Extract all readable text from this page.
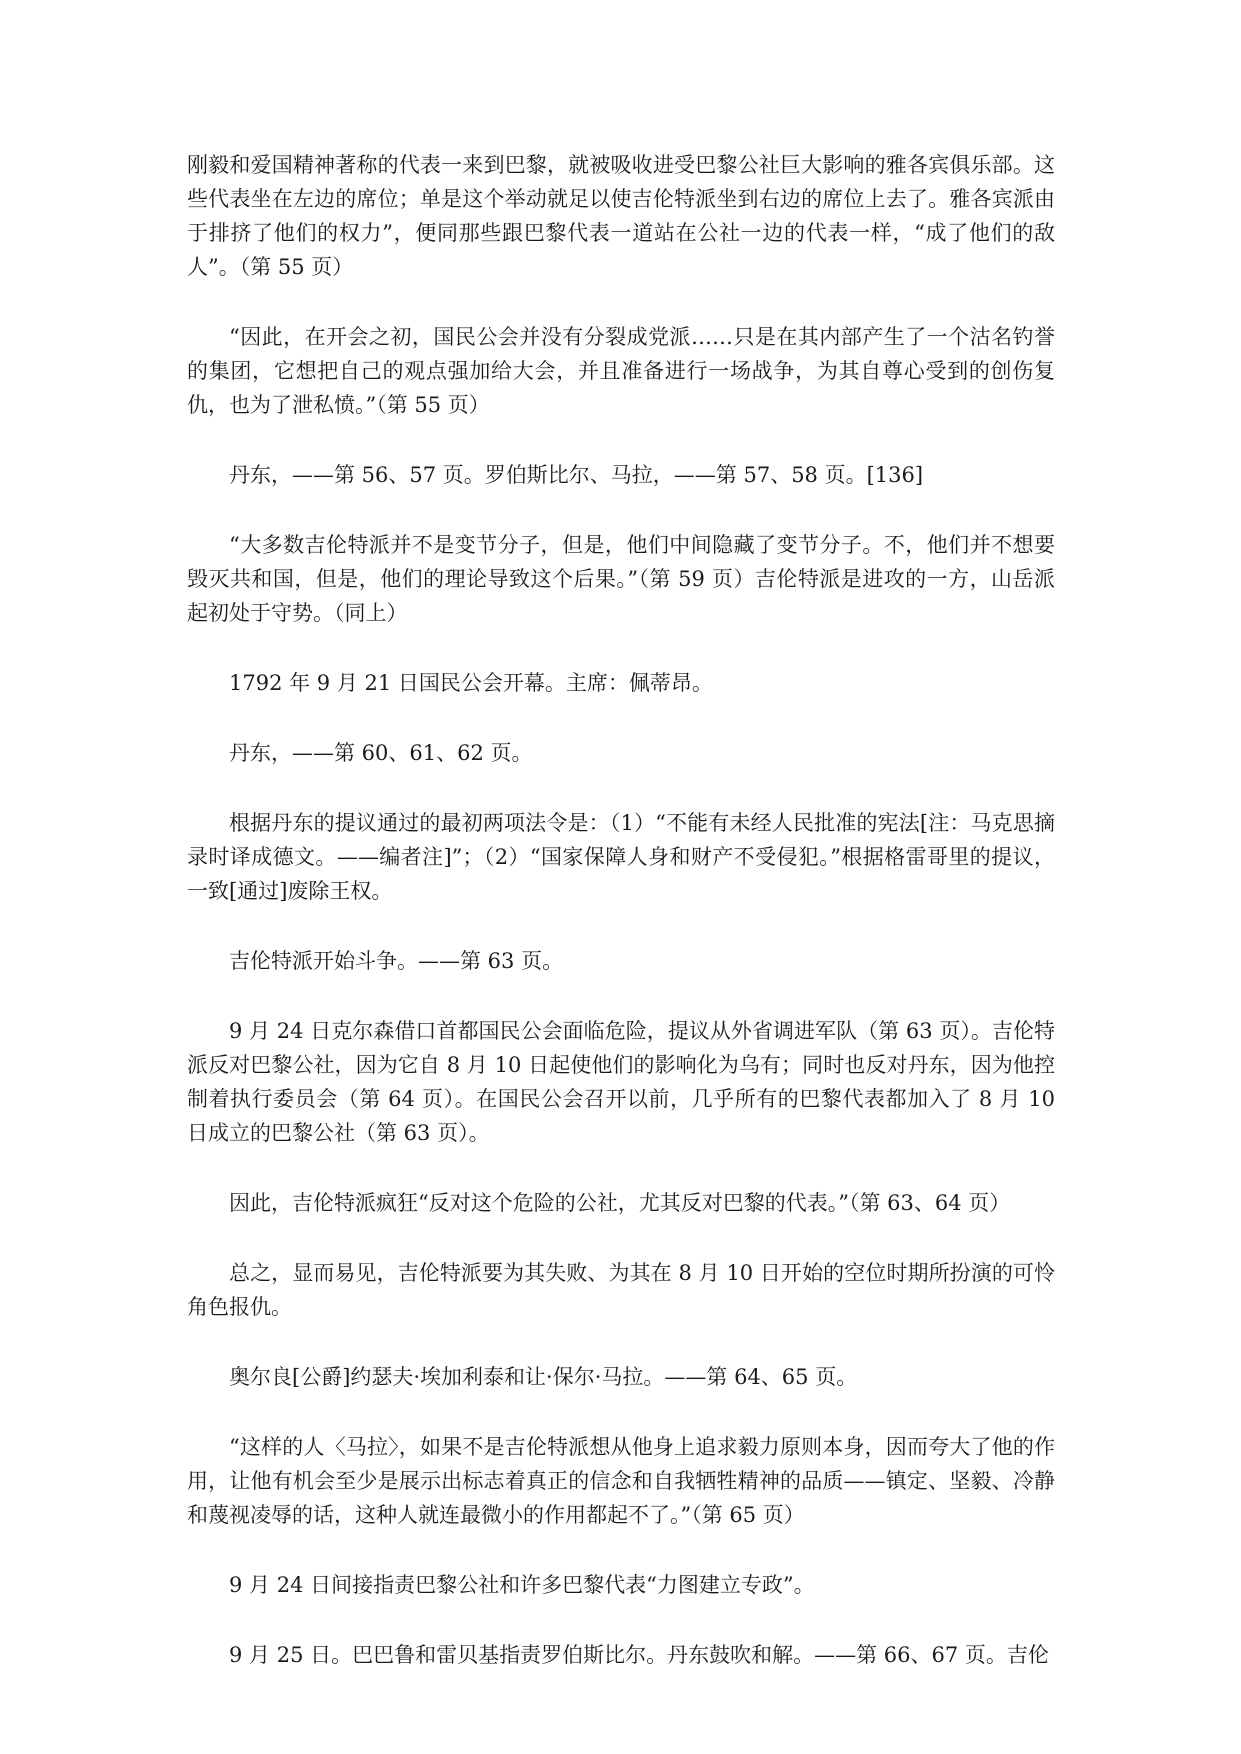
刚毅和爱国精神著称的代表一来到巴黎，就被吸收进受巴黎公社巨大影响的雅各宾俱乐部。这些代表坐在左边的席位；单是这个举动就足以使吉伦特派坐到右边的席位上去了。雅各宾派由于排挤了他们的权力”，便同那些跟巴黎代表一道站在公社一边的代表一样，“成了他们的敌人”。（第 55 页）

“因此，在开会之初，国民公会并没有分裂成党派……只是在其内部产生了一个沽名钓誉的集团，它想把自己的观点强加给大会，并且准备进行一场战争，为其自尊心受到的创伤复仇，也为了泄私愤。”（第 55 页）

丹东，——第 56、57 页。罗伯斯比尔、马拉，——第 57、58 页。[136]

“大多数吉伦特派并不是变节分子，但是，他们中间隐藏了变节分子。不，他们并不想要毁灭共和国，但是，他们的理论导致这个后果。”（第 59 页）吉伦特派是进攻的一方，山岳派起初处于守势。（同上）

1792 年 9 月 21 日国民公会开幕。主席：佩蒂昂。

丹东，——第 60、61、62 页。

根据丹东的提议通过的最初两项法令是：（1）“不能有未经人民批准的宪法[注：马克思摘录时译成德文。——编者注]”；（2）“国家保障人身和财产不受侵犯。”根据格雷哥里的提议，一致[通过]废除王权。

吉伦特派开始斗争。——第 63 页。

9 月 24 日克尔森借口首都国民公会面临危险，提议从外省调进军队（第 63 页）。吉伦特派反对巴黎公社，因为它自 8 月 10 日起使他们的影响化为乌有；同时也反对丹东，因为他控制着执行委员会（第 64 页）。在国民公会召开以前，几乎所有的巴黎代表都加入了 8 月 10 日成立的巴黎公社（第 63 页）。

因此，吉伦特派疯狂“反对这个危险的公社，尤其反对巴黎的代表。”（第 63、64 页）

总之，显而易见，吉伦特派要为其失败、为其在 8 月 10 日开始的空位时期所扮演的可怜角色报仇。

奥尔良[公爵]约瑟夫·埃加利泰和让·保尔·马拉。——第 64、65 页。

“这样的人〈马拉〉，如果不是吉伦特派想从他身上追求毅力原则本身，因而夸大了他的作用，让他有机会至少是展示出标志着真正的信念和自我牺牲精神的品质——镇定、坚毅、冷静和蔑视凌辱的话，这种人就连最微小的作用都起不了。”（第 65 页）

9 月 24 日间接指责巴黎公社和许多巴黎代表“力图建立专政”。

9 月 25 日。巴巴鲁和雷贝基指责罗伯斯比尔。丹东鼓吹和解。——第 66、67 页。吉伦
